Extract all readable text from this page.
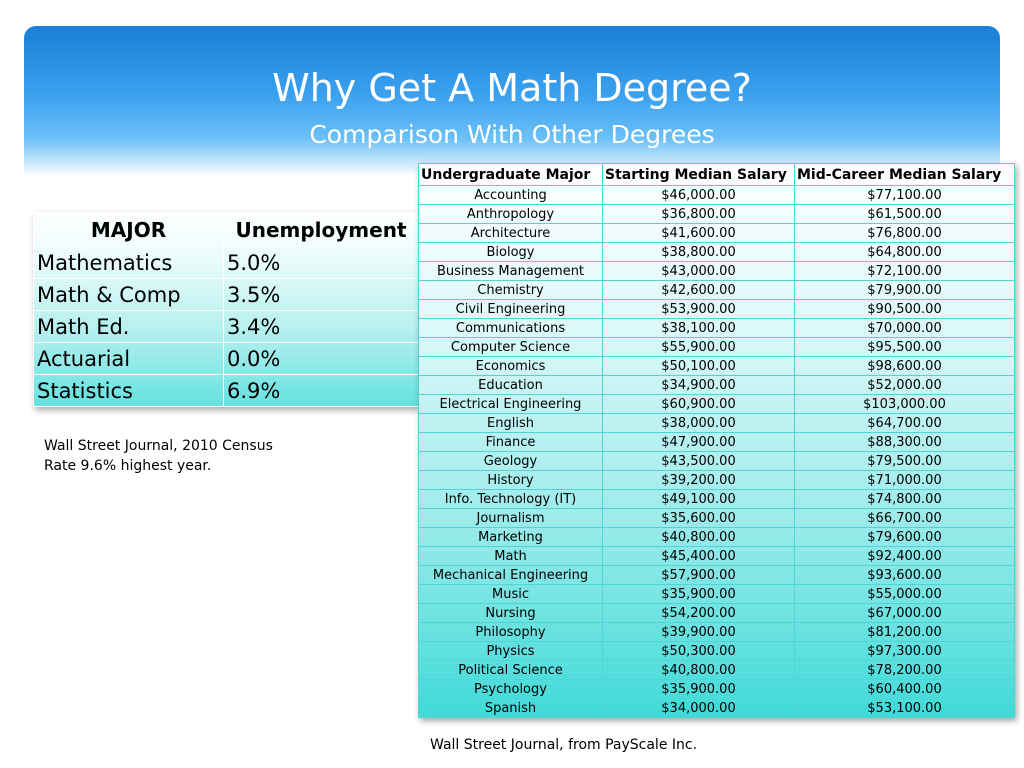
Why Get A Math Degree?
Comparison With Other Degrees
MAJOR	Unemployment
Mathematics	5.0%
Math & Comp	3.5%
Math Ed.	3.4%
Actuarial	0.0%
Statistics	6.9%
Wall Street Journal, 2010 Census
Rate 9.6% highest year.
Undergraduate Major	Starting Median Salary	Mid-Career Median Salary
Accounting	$46,000.00	$77,100.00
Anthropology	$36,800.00	$61,500.00
Architecture	$41,600.00	$76,800.00
Biology	$38,800.00	$64,800.00
Business Management	$43,000.00	$72,100.00
Chemistry	$42,600.00	$79,900.00
Civil Engineering	$53,900.00	$90,500.00
Communications	$38,100.00	$70,000.00
Computer Science	$55,900.00	$95,500.00
Economics	$50,100.00	$98,600.00
Education	$34,900.00	$52,000.00
Electrical Engineering	$60,900.00	$103,000.00
English	$38,000.00	$64,700.00
Finance	$47,900.00	$88,300.00
Geology	$43,500.00	$79,500.00
History	$39,200.00	$71,000.00
Info. Technology (IT)	$49,100.00	$74,800.00
Journalism	$35,600.00	$66,700.00
Marketing	$40,800.00	$79,600.00
Math	$45,400.00	$92,400.00
Mechanical Engineering	$57,900.00	$93,600.00
Music	$35,900.00	$55,000.00
Nursing	$54,200.00	$67,000.00
Philosophy	$39,900.00	$81,200.00
Physics	$50,300.00	$97,300.00
Political Science	$40,800.00	$78,200.00
Psychology	$35,900.00	$60,400.00
Spanish	$34,000.00	$53,100.00
Wall Street Journal, from PayScale Inc.
